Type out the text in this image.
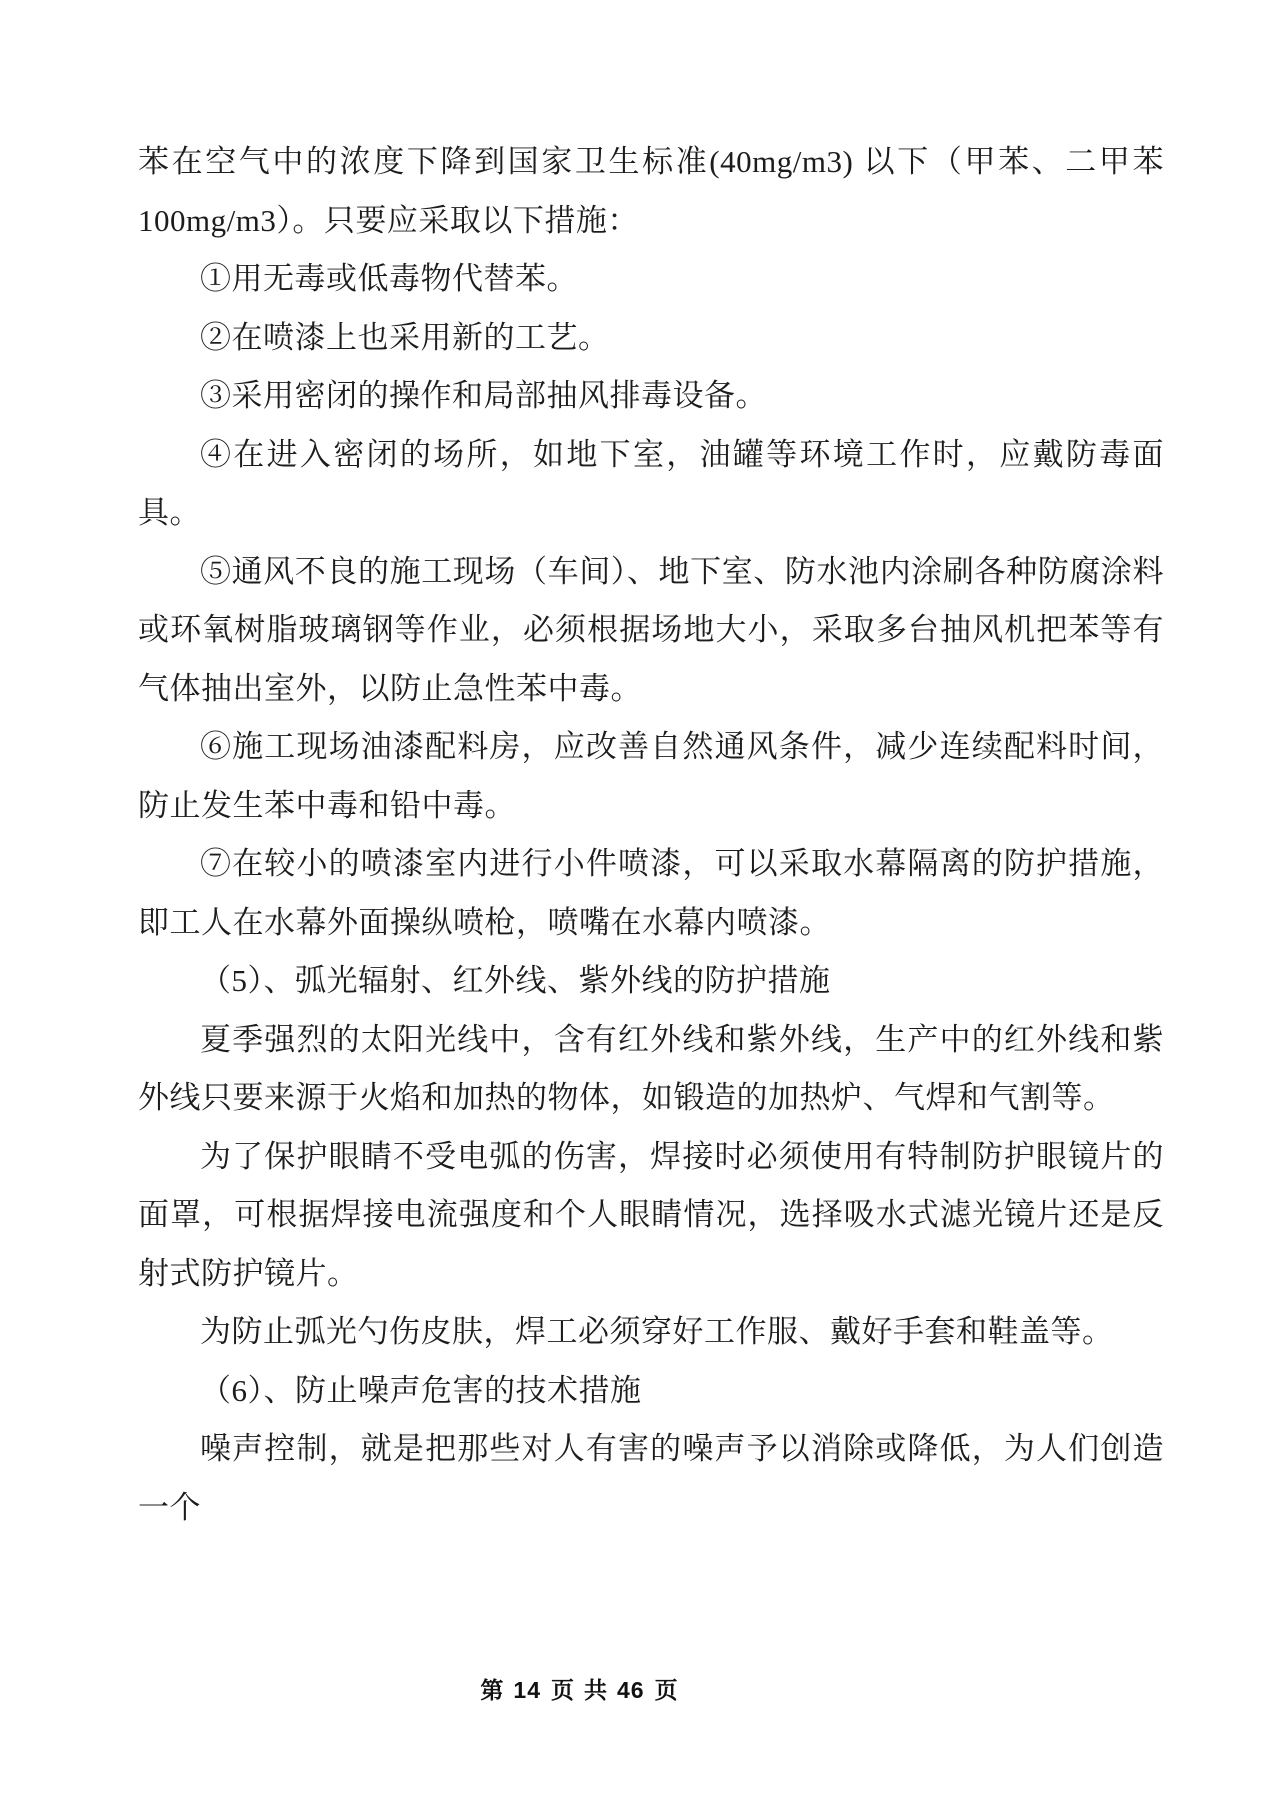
苯在空气中的浓度下降到国家卫生标准(40mg/m3) 以下（甲苯、二甲苯100mg/m3）。只要应采取以下措施：

①用无毒或低毒物代替苯。

②在喷漆上也采用新的工艺。

③采用密闭的操作和局部抽风排毒设备。

④在进入密闭的场所，如地下室，油罐等环境工作时，应戴防毒面具。

⑤通风不良的施工现场（车间）、地下室、防水池内涂刷各种防腐涂料或环氧树脂玻璃钢等作业，必须根据场地大小，采取多台抽风机把苯等有气体抽出室外，以防止急性苯中毒。

⑥施工现场油漆配料房，应改善自然通风条件，减少连续配料时间，防止发生苯中毒和铅中毒。

⑦在较小的喷漆室内进行小件喷漆，可以采取水幕隔离的防护措施，即工人在水幕外面操纵喷枪，喷嘴在水幕内喷漆。

（5）、弧光辐射、红外线、紫外线的防护措施

夏季强烈的太阳光线中，含有红外线和紫外线，生产中的红外线和紫外线只要来源于火焰和加热的物体，如锻造的加热炉、气焊和气割等。

为了保护眼睛不受电弧的伤害，焊接时必须使用有特制防护眼镜片的面罩，可根据焊接电流强度和个人眼睛情况，选择吸水式滤光镜片还是反射式防护镜片。

为防止弧光勺伤皮肤，焊工必须穿好工作服、戴好手套和鞋盖等。

（6）、防止噪声危害的技术措施

噪声控制，就是把那些对人有害的噪声予以消除或降低，为人们创造一个

第 14 页 共 46 页
